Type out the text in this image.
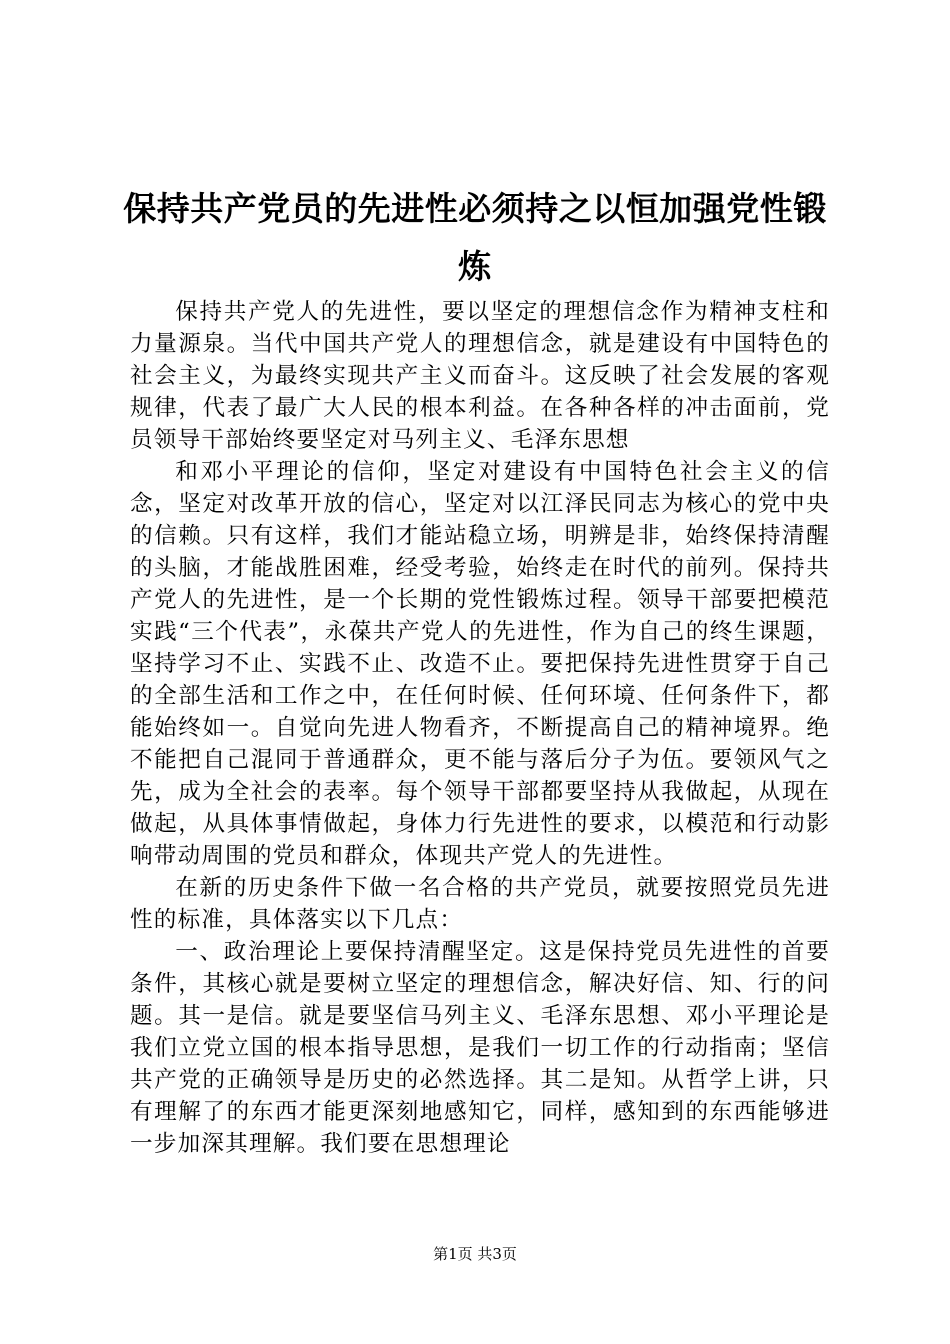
保持共产党员的先进性必须持之以恒加强党性锻炼

保持共产党人的先进性，要以坚定的理想信念作为精神支柱和力量源泉。当代中国共产党人的理想信念，就是建设有中国特色的社会主义，为最终实现共产主义而奋斗。这反映了社会发展的客观规律，代表了最广大人民的根本利益。在各种各样的冲击面前，党员领导干部始终要坚定对马列主义、毛泽东思想

和邓小平理论的信仰，坚定对建设有中国特色社会主义的信念，坚定对改革开放的信心，坚定对以江泽民同志为核心的党中央的信赖。只有这样，我们才能站稳立场，明辨是非，始终保持清醒的头脑，才能战胜困难，经受考验，始终走在时代的前列。保持共产党人的先进性，是一个长期的党性锻炼过程。领导干部要把模范实践“三个代表”，永葆共产党人的先进性，作为自己的终生课题，坚持学习不止、实践不止、改造不止。要把保持先进性贯穿于自己的全部生活和工作之中，在任何时候、任何环境、任何条件下，都能始终如一。自觉向先进人物看齐，不断提高自己的精神境界。绝不能把自己混同于普通群众，更不能与落后分子为伍。要领风气之先，成为全社会的表率。每个领导干部都要坚持从我做起，从现在做起，从具体事情做起，身体力行先进性的要求，以模范和行动影响带动周围的党员和群众，体现共产党人的先进性。

在新的历史条件下做一名合格的共产党员，就要按照党员先进性的标准，具体落实以下几点：

一、政治理论上要保持清醒坚定。这是保持党员先进性的首要条件，其核心就是要树立坚定的理想信念，解决好信、知、行的问题。其一是信。就是要坚信马列主义、毛泽东思想、邓小平理论是我们立党立国的根本指导思想，是我们一切工作的行动指南；坚信共产党的正确领导是历史的必然选择。其二是知。从哲学上讲，只有理解了的东西才能更深刻地感知它，同样，感知到的东西能够进一步加深其理解。我们要在思想理论

第1页 共3页
